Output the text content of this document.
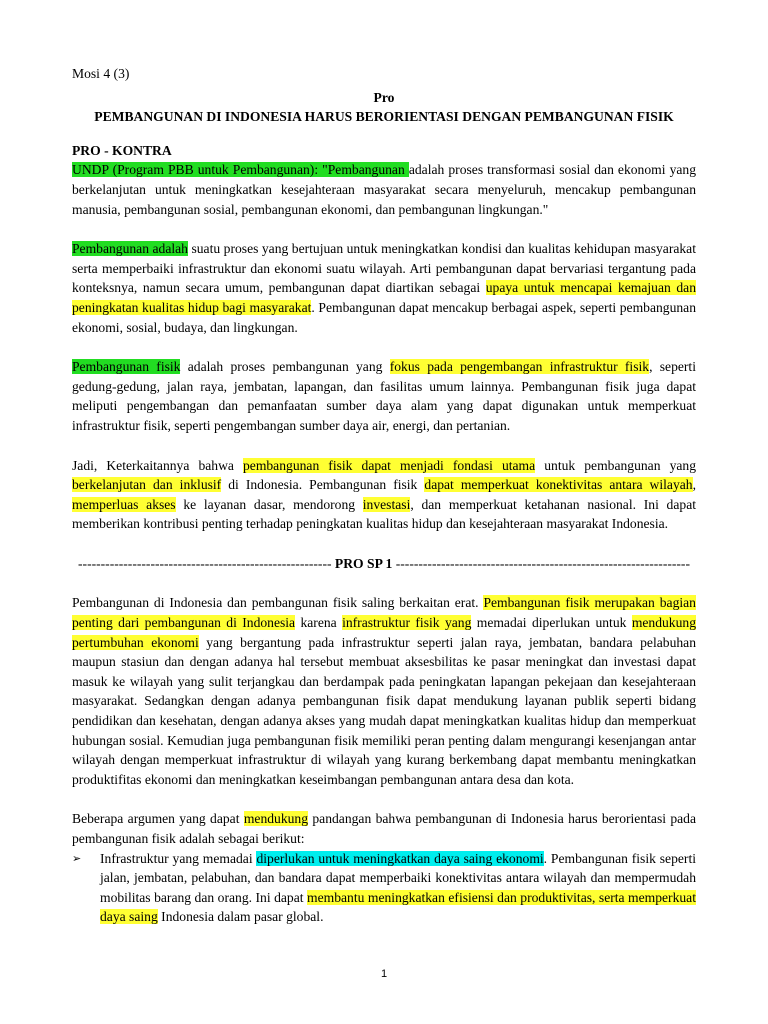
Mosi 4 (3)
Pro
PEMBANGUNAN DI INDONESIA HARUS BERORIENTASI DENGAN PEMBANGUNAN FISIK
PRO - KONTRA

UNDP (Program PBB untuk Pembangunan): "Pembangunan adalah proses transformasi sosial dan ekonomi yang berkelanjutan untuk meningkatkan kesejahteraan masyarakat secara menyeluruh, mencakup pembangunan manusia, pembangunan sosial, pembangunan ekonomi, dan pembangunan lingkungan."

Pembangunan adalah suatu proses yang bertujuan untuk meningkatkan kondisi dan kualitas kehidupan masyarakat serta memperbaiki infrastruktur dan ekonomi suatu wilayah. Arti pembangunan dapat bervariasi tergantung pada konteksnya, namun secara umum, pembangunan dapat diartikan sebagai upaya untuk mencapai kemajuan dan peningkatan kualitas hidup bagi masyarakat. Pembangunan dapat mencakup berbagai aspek, seperti pembangunan ekonomi, sosial, budaya, dan lingkungan.

Pembangunan fisik adalah proses pembangunan yang fokus pada pengembangan infrastruktur fisik, seperti gedung-gedung, jalan raya, jembatan, lapangan, dan fasilitas umum lainnya. Pembangunan fisik juga dapat meliputi pengembangan dan pemanfaatan sumber daya alam yang dapat digunakan untuk memperkuat infrastruktur fisik, seperti pengembangan sumber daya air, energi, dan pertanian.

Jadi, Keterkaitannya bahwa pembangunan fisik dapat menjadi fondasi utama untuk pembangunan yang berkelanjutan dan inklusif di Indonesia. Pembangunan fisik dapat memperkuat konektivitas antara wilayah, memperluas akses ke layanan dasar, mendorong investasi, dan memperkuat ketahanan nasional. Ini dapat memberikan kontribusi penting terhadap peningkatan kualitas hidup dan kesejahteraan masyarakat Indonesia.

-------------------------------------------------------- PRO SP 1 -----------------------------------------------------------------

Pembangunan di Indonesia dan pembangunan fisik saling berkaitan erat. Pembangunan fisik merupakan bagian penting dari pembangunan di Indonesia karena infrastruktur fisik yang memadai diperlukan untuk mendukung pertumbuhan ekonomi yang bergantung pada infrastruktur seperti jalan raya, jembatan, bandara pelabuhan maupun stasiun dan dengan adanya hal tersebut membuat aksesbilitas ke pasar meningkat dan investasi dapat masuk ke wilayah yang sulit terjangkau dan berdampak pada peningkatan lapangan pekejaan dan kesejahteraan masyarakat. Sedangkan dengan adanya pembangunan fisik dapat mendukung layanan publik seperti bidang pendidikan dan kesehatan, dengan adanya akses yang mudah dapat meningkatkan kualitas hidup dan memperkuat hubungan sosial. Kemudian juga pembangunan fisik memiliki peran penting dalam mengurangi kesenjangan antar wilayah dengan memperkuat infrastruktur di wilayah yang kurang berkembang dapat membantu meningkatkan produktifitas ekonomi dan meningkatkan keseimbangan pembangunan antara desa dan kota.

Beberapa argumen yang dapat mendukung pandangan bahwa pembangunan di Indonesia harus berorientasi pada pembangunan fisik adalah sebagai berikut:

➢ Infrastruktur yang memadai diperlukan untuk meningkatkan daya saing ekonomi. Pembangunan fisik seperti jalan, jembatan, pelabuhan, dan bandara dapat memperbaiki konektivitas antara wilayah dan mempermudah mobilitas barang dan orang. Ini dapat membantu meningkatkan efisiensi dan produktivitas, serta memperkuat daya saing Indonesia dalam pasar global.
1
